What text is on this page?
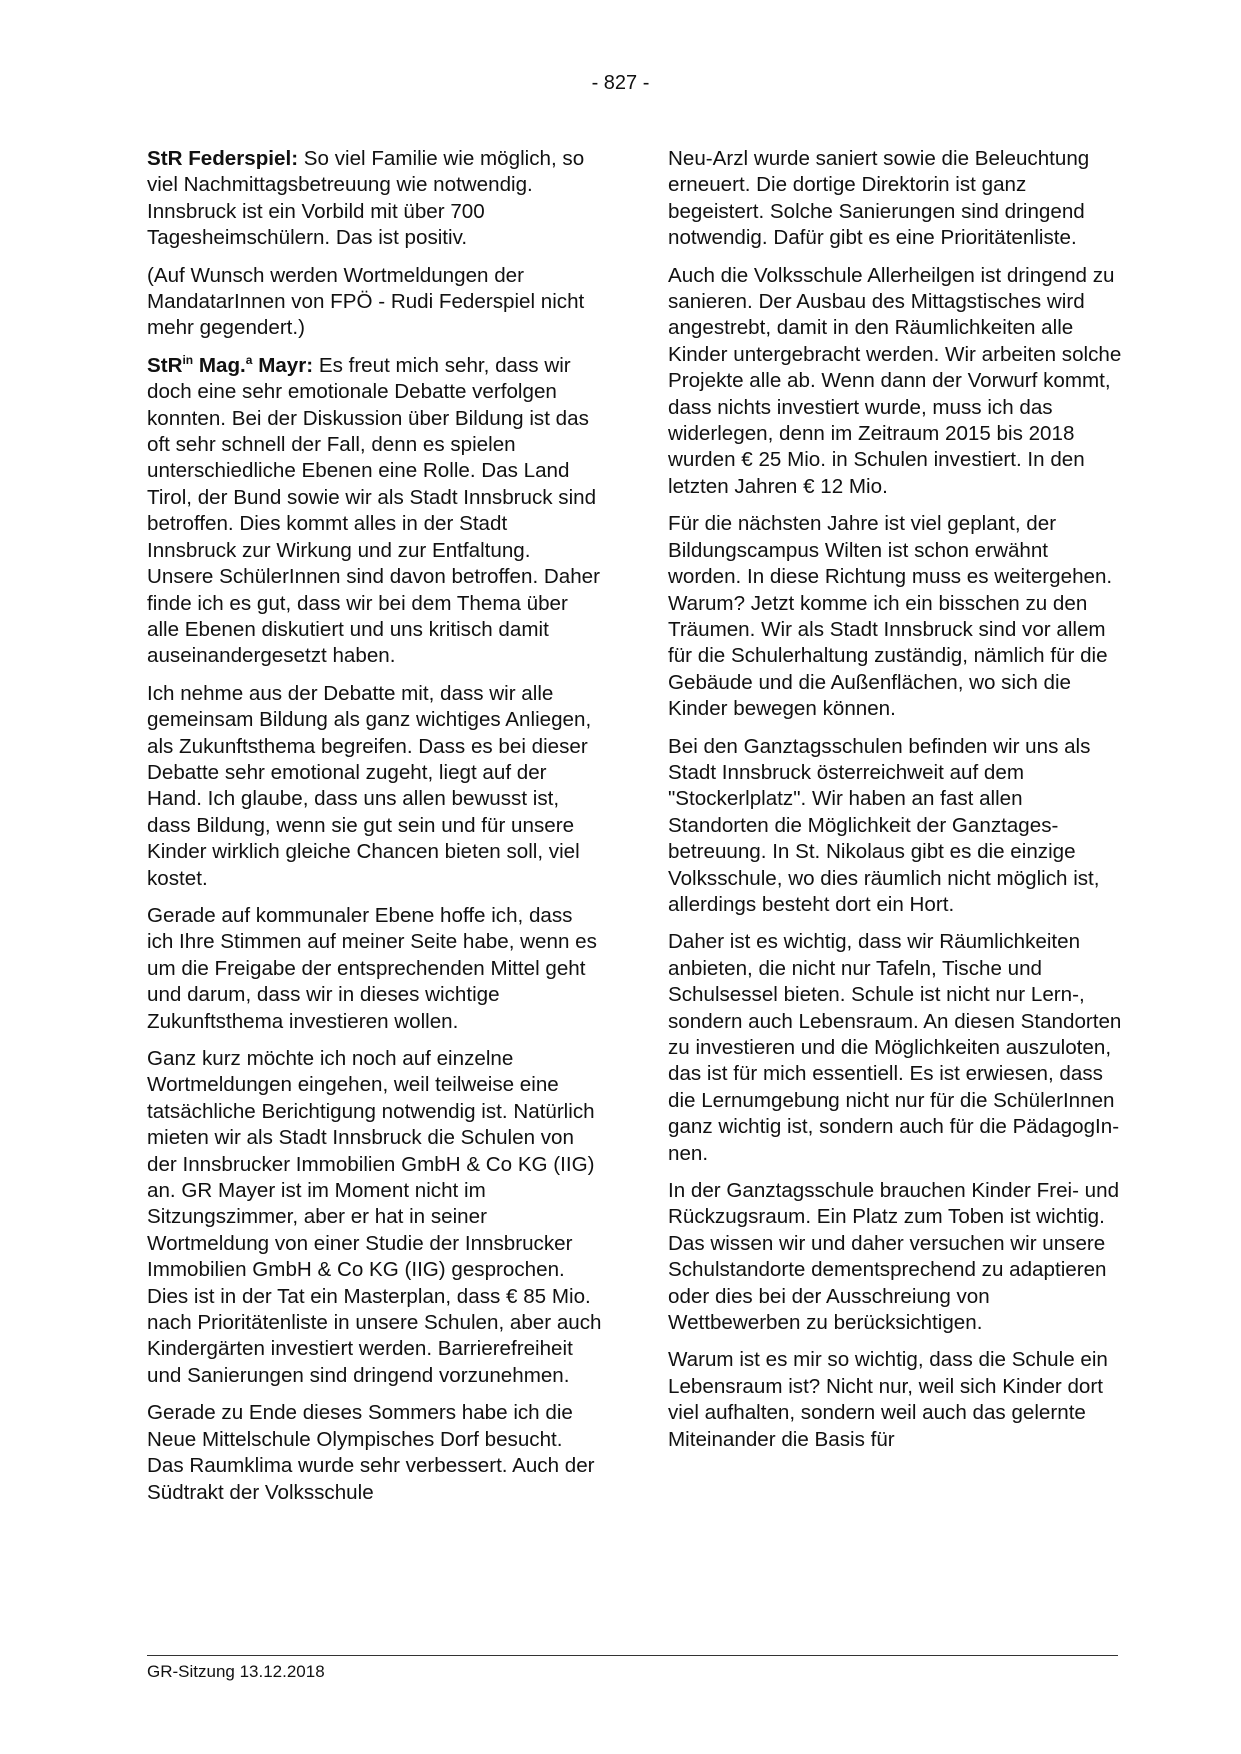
- 827 -

StR Federspiel: So viel Familie wie möglich, so viel Nachmittagsbetreuung wie notwendig. Innsbruck ist ein Vorbild mit über 700 Tagesheimschülern. Das ist positiv.

(Auf Wunsch werden Wortmeldungen der MandatarInnen von FPÖ - Rudi Federspiel nicht mehr gegendert.)

StR$^{in}$ Mag.$^a$ Mayr: Es freut mich sehr, dass wir doch eine sehr emotionale Debatte verfolgen konnten. Bei der Diskussion über Bildung ist das oft sehr schnell der Fall, denn es spielen unterschiedliche Ebenen eine Rolle. Das Land Tirol, der Bund sowie wir als Stadt Innsbruck sind betroffen. Dies kommt alles in der Stadt Innsbruck zur Wirkung und zur Entfaltung. Unsere SchülerInnen sind davon betroffen. Daher finde ich es gut, dass wir bei dem Thema über alle Ebenen diskutiert und uns kritisch damit auseinandergesetzt haben.

Ich nehme aus der Debatte mit, dass wir alle gemeinsam Bildung als ganz wichtiges Anliegen, als Zukunftsthema begreifen. Dass es bei dieser Debatte sehr emotional zugeht, liegt auf der Hand. Ich glaube, dass uns allen bewusst ist, dass Bildung, wenn sie gut sein und für unsere Kinder wirklich gleiche Chancen bieten soll, viel kostet.

Gerade auf kommunaler Ebene hoffe ich, dass ich Ihre Stimmen auf meiner Seite habe, wenn es um die Freigabe der entsprechenden Mittel geht und darum, dass wir in dieses wichtige Zukunftsthema investieren wollen.

Ganz kurz möchte ich noch auf einzelne Wortmeldungen eingehen, weil teilweise eine tatsächliche Berichtigung notwendig ist. Natürlich mieten wir als Stadt Innsbruck die Schulen von der Innsbrucker Immobilien GmbH & Co KG (IIG) an. GR Mayer ist im Moment nicht im Sitzungszimmer, aber er hat in seiner Wortmeldung von einer Studie der Innsbrucker Immobilien GmbH & Co KG (IIG) gesprochen. Dies ist in der Tat ein Masterplan, dass € 85 Mio. nach Prioritätenliste in unsere Schulen, aber auch Kindergärten investiert werden. Barrierefreiheit und Sanierungen sind dringend vorzunehmen.

Gerade zu Ende dieses Sommers habe ich die Neue Mittelschule Olympisches Dorf besucht. Das Raumklima wurde sehr verbessert. Auch der Südtrakt der Volksschule

Neu-Arzl wurde saniert sowie die Beleuchtung erneuert. Die dortige Direktorin ist ganz begeistert. Solche Sanierungen sind dringend notwendig. Dafür gibt es eine Prioritätenliste.

Auch die Volksschule Allerheilgen ist dringend zu sanieren. Der Ausbau des Mittagstisches wird angestrebt, damit in den Räumlichkeiten alle Kinder untergebracht werden. Wir arbeiten solche Projekte alle ab. Wenn dann der Vorwurf kommt, dass nichts investiert wurde, muss ich das widerlegen, denn im Zeitraum 2015 bis 2018 wurden € 25 Mio. in Schulen investiert. In den letzten Jahren € 12 Mio.

Für die nächsten Jahre ist viel geplant, der Bildungscampus Wilten ist schon erwähnt worden. In diese Richtung muss es weitergehen. Warum? Jetzt komme ich ein bisschen zu den Träumen. Wir als Stadt Innsbruck sind vor allem für die Schulerhaltung zuständig, nämlich für die Gebäude und die Außenflächen, wo sich die Kinder bewegen können.

Bei den Ganztagsschulen befinden wir uns als Stadt Innsbruck österreichweit auf dem "Stockerlplatz". Wir haben an fast allen Standorten die Möglichkeit der Ganztagesbetreuung. In St. Nikolaus gibt es die einzige Volksschule, wo dies räumlich nicht möglich ist, allerdings besteht dort ein Hort.

Daher ist es wichtig, dass wir Räumlichkeiten anbieten, die nicht nur Tafeln, Tische und Schulsessel bieten. Schule ist nicht nur Lern-, sondern auch Lebensraum. An diesen Standorten zu investieren und die Möglichkeiten auszuloten, das ist für mich essentiell. Es ist erwiesen, dass die Lernumgebung nicht nur für die SchülerInnen ganz wichtig ist, sondern auch für die PädagogInnen.

In der Ganztagsschule brauchen Kinder Frei- und Rückzugsraum. Ein Platz zum Toben ist wichtig. Das wissen wir und daher versuchen wir unsere Schulstandorte dementsprechend zu adaptieren oder dies bei der Ausschreiung von Wettbewerben zu berücksichtigen.

Warum ist es mir so wichtig, dass die Schule ein Lebensraum ist? Nicht nur, weil sich Kinder dort viel aufhalten, sondern weil auch das gelernte Miteinander die Basis für

GR-Sitzung 13.12.2018
